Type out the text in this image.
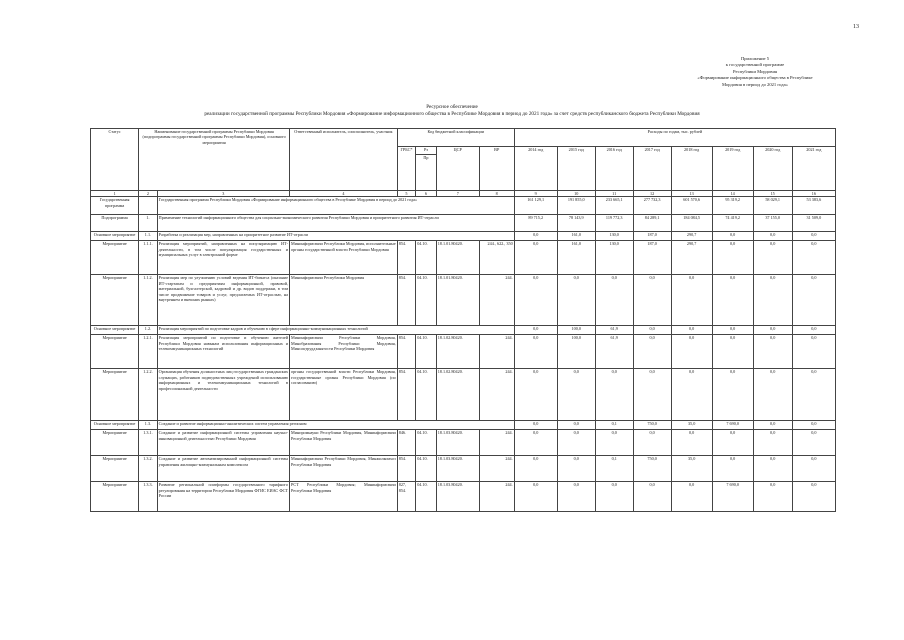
13
Приложение 5
к государственной программе
Республики Мордовия
«Формирование информационного общества в Республике
Мордовия в период до 2021 года»
Ресурсное обеспечение
реализации государственной программы Республики Мордовия «Формирование информационного общества в Республике Мордовия в период до 2021 года» за счет средств республиканского бюджета Республики Мордовия
Статус	Наименование государственной программы Республики Мордовия (подпрограммы государственной программы Республики Мордовия), основного мероприятия		Ответственный исполнитель, соисполнитель, участник	Код бюджетной классификации				Расходы по годам, тыс. рублей							
				ГРБС*	Рз	ЦСР	ВР	2014 год	2015 год	2016 год	2017 год	2018 год	2019 год	2020 год	2021 год
					Пр										
1	2	3	4	5	6	7	8	9	10	11	12	13	14	15	16
Государственная программа		Государственная программа Республики Мордовия «Формирование информационного общества в Республике Мордовия в период до 2021 года»						161 129,1	191 855,0	233 665,1	277 732,3	601 570,6	95 319,2	58 029,1	53 383,6
Подпрограмма	1.	Применение технологий информационного общества для социально-экономического развития Республики Мордовия и приоритетного развития ИТ-отрасли						89 715,2	78 143,9	119 772,3	84 289,1	184 084,5	74 419,2	37 155,0	31 509,0
Основное мероприятие	1.1.	Разработка и реализация мер, направленных на приоритетное развитие ИТ-отрасли						0,0	161,0	130,0	187,0	290,7	0,0	0,0	0,0
Мероприятие	1.1.1.	Реализация мероприятий, направленных на популяризацию ИТ-деятельности, в том числе популяризация государственных и муниципальных услуг в электронной форме	Мининформсвязи Республики Мордовия, исполнительные органы государственной власти Республики Мордовия	854.	04.10.	18.1.01.80420.	244., 622., 350	0,0	161,0	130,0	187,0	290,7	0,0	0,0	0,0
Мероприятие	1.1.2.	Реализация мер по улучшению условий ведения ИТ-бизнеса (оказание ИТ-стартапам и предприятиям информационной, правовой, материальной, бухгалтерской, кадровой и др. видов поддержки, в том числе продвижение товаров и услуг, предлагаемых ИТ-отраслью, на внутреннем и внешних рынках)	Мининформсвязи Республики Мордовия	854.	04.10.	18.1.01.80420.	244.	0,0	0,0	0,0	0,0	0,0	0,0	0,0	0,0
Основное мероприятие	1.2.	Реализация мероприятий по подготовке кадров и обучению в сфере информационно-коммуникационных технологий						0,0	100,0	61,9	0,0	0,0	0,0	0,0	0,0
Мероприятие	1.2.1.	Реализация мероприятий по подготовке и обучению жителей Республики Мордовия навыкам использования информационных и телекоммуникационных технологий	Мининформсвязи Республики Мордовия, Минобразования Республики Мордовия, Минсоцтруддзанятости Республики Мордовия	854.	04.10.	18.1.02.80420.	244.	0,0	100,0	61,9	0,0	0,0	0,0	0,0	0,0
Мероприятие	1.2.2.	Организация обучения должностных лиц государственных гражданских служащих, работников подведомственных учреждений использованию информационных и телекоммуникационных технологий в профессиональной деятельности	органы государственной власти Республики Мордовия, государственные органы Республики Мордовия (по согласованию)	854.	04.10.	18.1.02.80420.	244.	0,0	0,0	0,0	0,0	0,0	0,0	0,0	0,0
Основное мероприятие	1.3.	Создание и развитие информационно-аналитических систем управления регионом						0,0	0,0	0,1	750,0	35,0	7 690,0	0,0	0,0
Мероприятие	1.3.1.	Создание и развитие информационной системы управления научно-инновационной деятельностью Республики Мордовия	Минпромнауки Республики Мордовия, Мининформсвязи Республики Мордовия	846.	04.10.	18.1.03.80420.	244.	0,0	0,0	0,0	0,0	0,0	0,0	0,0	0,0
Мероприятие	1.3.2.	Создание и развитие автоматизированной информационной системы управления жилищно-коммунальным комплексом	Мининформсвязи Республики Мордовия, Минжилкомхоз Республики Мордовия	854.	04.10.	18.1.03.80420.	244.	0,0	0,0	0,1	750,0	35,0	0,0	0,0	0,0
Мероприятие	1.3.3.	Развитие региональной платформы государственного тарифного регулирования на территории Республики Мордовия ФГИС ЕИАС ФСТ России	РСТ Республики Мордовия; Мининформсвязи Республики Мордовия	827, 854.	04.10.	18.1.03.80420.	244.	0,0	0,0	0,0	0,0	0,0	7 690,0	0,0	0,0
